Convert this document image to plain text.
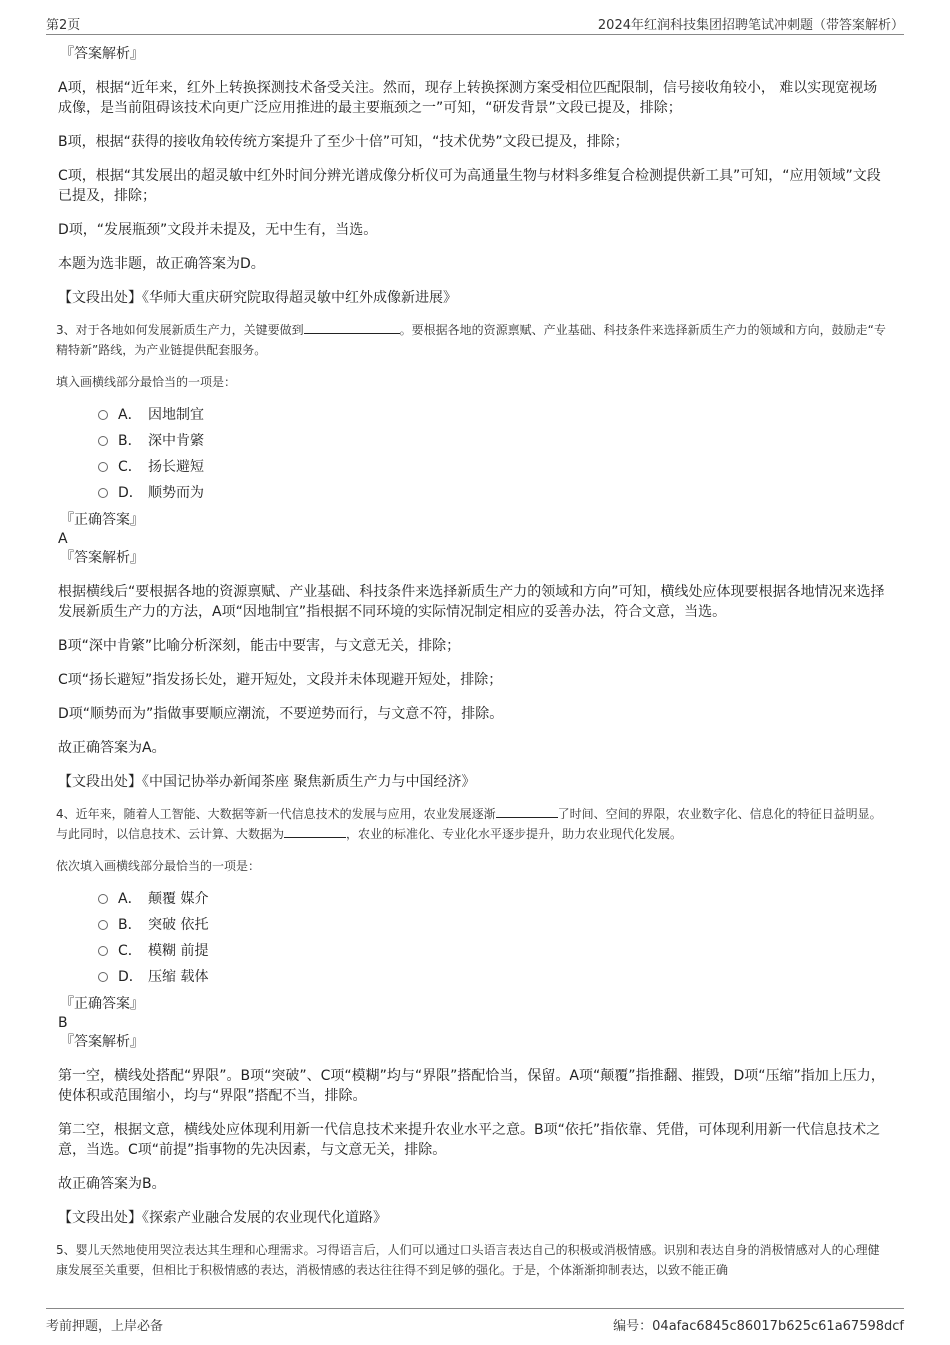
第2页	2024年红润科技集团招聘笔试冲刺题（带答案解析）

『答案解析』

A项，根据“近年来，红外上转换探测技术备受关注。然而，现存上转换探测方案受相位匹配限制，信号接收角较小， 难以实现宽视场成像，是当前阻碍该技术向更广泛应用推进的最主要瓶颈之一”可知，“研发背景”文段已提及，排除；

B项，根据“获得的接收角较传统方案提升了至少十倍”可知，“技术优势”文段已提及，排除；

C项，根据“其发展出的超灵敏中红外时间分辨光谱成像分析仪可为高通量生物与材料多维复合检测提供新工具”可知，“应用领域”文段已提及，排除；

D项，“发展瓶颈”文段并未提及，无中生有，当选。

本题为选非题，故正确答案为D。

【文段出处】《华师大重庆研究院取得超灵敏中红外成像新进展》

3、对于各地如何发展新质生产力，关键要做到	。要根据各地的资源禀赋、产业基础、科技条件来选择新质生产力的领域和方向，鼓励走“专精特新”路线，为产业链提供配套服务。

填入画横线部分最恰当的一项是：

A． 因地制宜
B． 深中肯綮
C． 扬长避短
D． 顺势而为

『正确答案』

A

『答案解析』

根据横线后“要根据各地的资源禀赋、产业基础、科技条件来选择新质生产力的领域和方向”可知，横线处应体现要根据各地情况来选择发展新质生产力的方法，A项“因地制宜”指根据不同环境的实际情况制定相应的妥善办法，符合文意，当选。

B项“深中肯綮”比喻分析深刻，能击中要害，与文意无关，排除；

C项“扬长避短”指发扬长处，避开短处，文段并未体现避开短处，排除；

D项“顺势而为”指做事要顺应潮流，不要逆势而行，与文意不符，排除。

故正确答案为A。

【文段出处】《中国记协举办新闻茶座 聚焦新质生产力与中国经济》

4、近年来，随着人工智能、大数据等新一代信息技术的发展与应用，农业发展逐渐	了时间、空间的界限，农业数字化、信息化的特征日益明显。与此同时，以信息技术、云计算、大数据为	，农业的标准化、专业化水平逐步提升，助力农业现代化发展。

依次填入画横线部分最恰当的一项是：

A． 颠覆 媒介
B． 突破 依托
C． 模糊 前提
D． 压缩 载体

『正确答案』

B

『答案解析』

第一空，横线处搭配“界限”。B项“突破”、C项“模糊”均与“界限”搭配恰当，保留。A项“颠覆”指推翻、摧毁，D项“压缩”指加上压力，使体积或范围缩小，均与“界限”搭配不当，排除。

第二空，根据文意，横线处应体现利用新一代信息技术来提升农业水平之意。B项“依托”指依靠、凭借，可体现利用新一代信息技术之意，当选。C项“前提”指事物的先决因素，与文意无关，排除。

故正确答案为B。

【文段出处】《探索产业融合发展的农业现代化道路》

5、婴儿天然地使用哭泣表达其生理和心理需求。习得语言后，人们可以通过口头语言表达自己的积极或消极情感。识别和表达自身的消极情感对人的心理健康发展至关重要，但相比于积极情感的表达，消极情感的表达往往得不到足够的强化。于是，个体渐渐抑制表达，以致不能正确

考前押题，上岸必备	编号：04afac6845c86017b625c61a67598dcf
